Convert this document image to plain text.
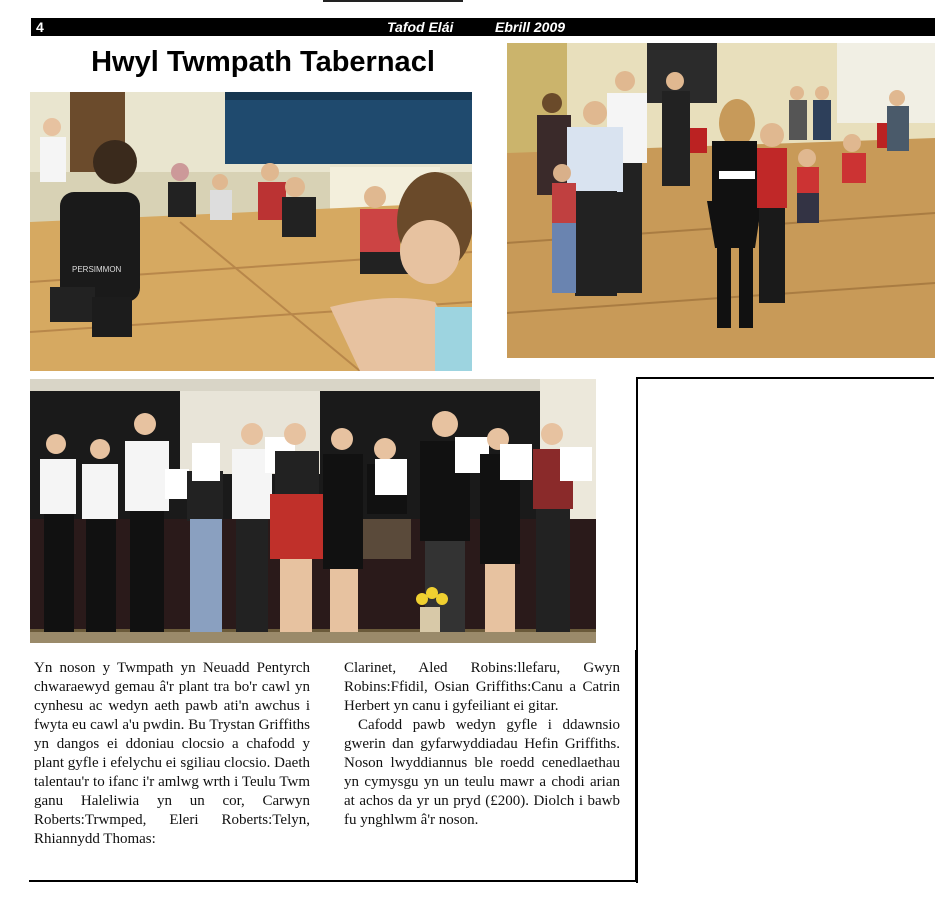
4	Tafod Elái	Ebrill 2009
Hwyl Twmpath Tabernacl
PERSIMMON

Yn noson y Twmpath yn Neuadd Pentyrch chwaraewyd gemau â'r plant tra bo'r cawl yn cynhesu ac wedyn aeth pawb ati'n awchus i fwyta eu cawl a'u pwdin. Bu Trystan Griffiths yn dangos ei ddoniau clocsio a chafodd y plant gyfle i efelychu ei sgiliau clocsio. Daeth talentau'r to ifanc i'r amlwg wrth i Teulu Twm ganu Haleliwia yn un cor, Carwyn Roberts:Trwmped, Eleri Roberts:Telyn, Rhiannydd Thomas:

Clarinet, Aled Robins:llefaru, Gwyn Robins:Ffidil, Osian Griffiths:Canu a Catrin Herbert yn canu i gyfeiliant ei gitar.

Cafodd pawb wedyn gyfle i ddawnsio gwerin dan gyfarwyddiadau Hefin Griffiths. Noson lwyddiannus ble roedd cenedlaethau yn cymysgu yn un teulu mawr a chodi arian at achos da yr un pryd (£200). Diolch i bawb fu ynghlwm â'r noson.
